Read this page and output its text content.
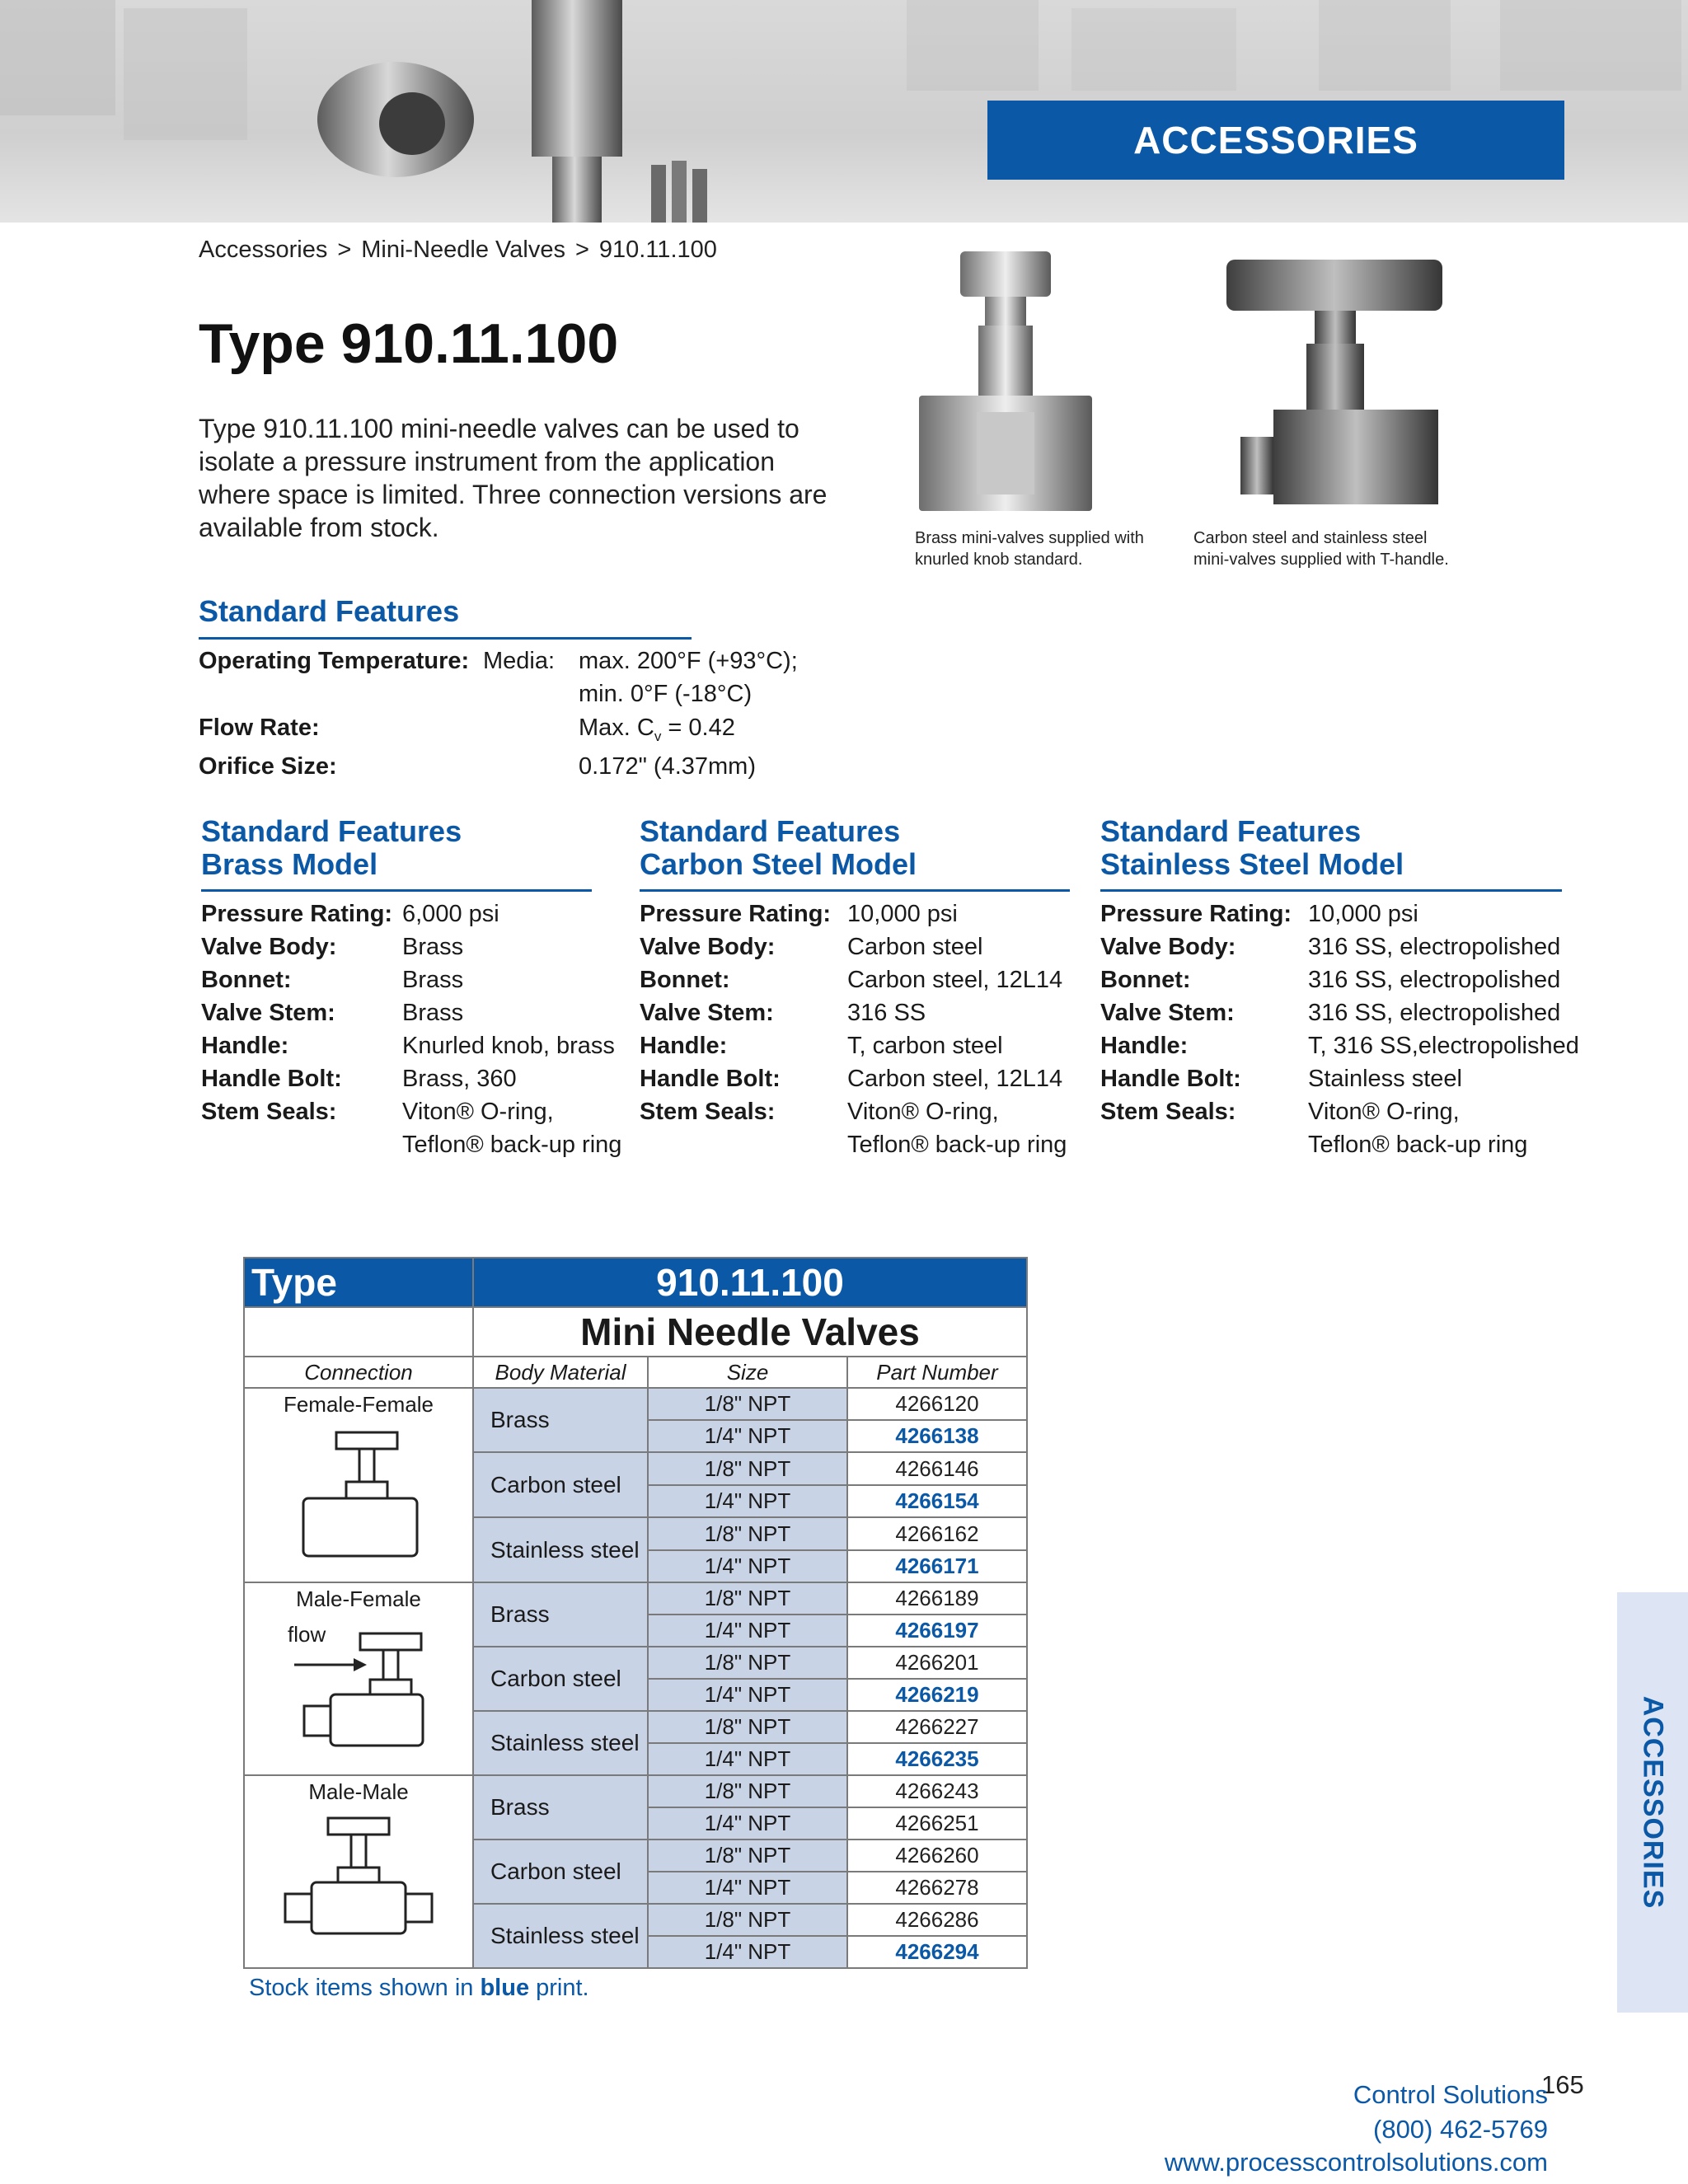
ACCESSORIES
Accessories > Mini-Needle Valves > 910.11.100
Type 910.11.100
Type 910.11.100 mini-needle valves can be used to isolate a pressure instrument from the application where space is limited. Three connection versions are available from stock.	Brass mini-valves supplied with knurled knob standard.
Carbon steel and stainless steel mini-valves supplied with T-handle.
Standard Features
Operating Temperature: Media: max. 200°F (+93°C);
min. 0°F (-18°C)
Flow Rate:	Max. $C_v = 0.42$
Orifice Size:	0.172" (4.37mm)
Standard Features
Brass Model
Pressure Rating: 6,000 psi
Valve Body:	Brass
Bonnet:	Brass
Valve Stem:	Brass
Handle:	Knurled knob, brass
Handle Bolt:	Brass, 360
Stem Seals:	Viton® O-ring,
Teflon® back-up ring
Standard Features
Carbon Steel Model
Pressure Rating: 10,000 psi
Valve Body:	Carbon steel
Bonnet:	Carbon steel, 12L14
Valve Stem:	316 SS
Handle:	T, carbon steel
Handle Bolt:	Carbon steel, 12L14
Stem Seals:	Viton® O-ring,
Teflon® back-up ring
Standard Features
Stainless Steel Model
Pressure Rating: 10,000 psi
Valve Body:	316 SS, electropolished
Bonnet:	316 SS, electropolished
Valve Stem:	316 SS, electropolished
Handle:	T, 316 SS,electropolished
Handle Bolt:	Stainless steel
Stem Seals:	Viton® O-ring,
Teflon® back-up ring
Type	910.11.100		
	Mini Needle Valves		
Connection	Body Material	Size	Part Number

Female-Female	Brass	1/8" NPT	4266120
		1/4" NPT	4266138
	Carbon steel	1/8" NPT	4266146
		1/4" NPT	4266154
	Stainless steel	1/8" NPT	4266162
		1/4" NPT	4266171

Male-Female
flow	Brass	1/8" NPT	4266189
		1/4" NPT	4266197
	Carbon steel	1/8" NPT	4266201
		1/4" NPT	4266219
	Stainless steel	1/8" NPT	4266227
		1/4" NPT	4266235

Male-Male	Brass	1/8" NPT	4266243
		1/4" NPT	4266251
	Carbon steel	1/8" NPT	4266260
		1/4" NPT	4266278
	Stainless steel	1/8" NPT	4266286
		1/4" NPT	4266294
Stock items shown in blue print.
ACCESSORIES
165
Control Solutions
(800) 462-5769
www.processcontrolsolutions.com
